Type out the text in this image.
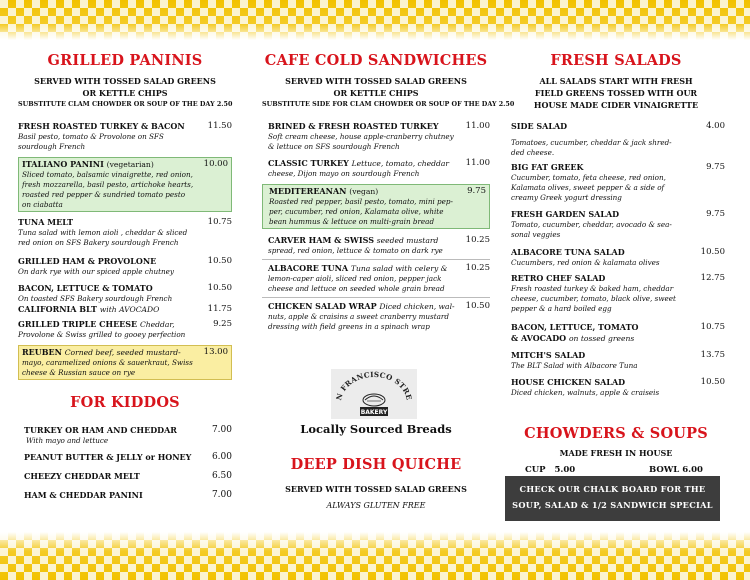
GRILLED PANINIS
SERVED WITH TOSSED SALAD GREENS
OR KETTLE CHIPS
SUBSTITUTE CLAM CHOWDER OR SOUP OF THE DAY 2.50
FRESH ROASTED TURKEY & BACON	11.50
Basil pesto, tomato & Provolone on SFS
sourdough French
ITALIANO PANINI (vegetarian)	10.00
Sliced tomato, balsamic vinaigrette, red onion,
fresh mozzarella, basil pesto, artichoke hearts,
roasted red pepper & sundried tomato pesto
on ciabatta
TUNA MELT	10.75
Tuna salad with lemon aioli , cheddar & sliced
red onion on SFS Bakery sourdough French
GRILLED HAM & PROVOLONE	10.50
On dark rye with our spiced apple chutney
BACON, LETTUCE & TOMATO	10.50
On toasted SFS Bakery sourdough French
CALIFORNIA BLT with AVOCADO	11.75
GRILLED TRIPLE CHEESE Cheddar,	9.25
Provolone & Swiss grilled to gooey perfection
REUBEN Corned beef, seeded mustard-	13.00
mayo, caramelized onions & sauerkraut, Swiss
cheese & Russian sauce on rye
FOR KIDDOS
TURKEY OR HAM AND CHEDDAR	7.00
With mayo and lettuce
PEANUT BUTTER & JELLY or HONEY 6.00
CHEEZY CHEDDAR MELT	6.50
HAM & CHEDDAR PANINI	7.00
CAFE COLD SANDWICHES
SERVED WITH TOSSED SALAD GREENS
OR KETTLE CHIPS
SUBSTITUTE SIDE FOR CLAM CHOWDER OR SOUP OF THE DAY 2.50
BRINED & FRESH ROASTED TURKEY	11.00
Soft cream cheese, house apple-cranberry chutney
& lettuce on SFS sourdough French
CLASSIC TURKEY Lettuce, tomato, cheddar	11.00
cheese, Dijon mayo on sourdough French
MEDITEREANAN (vegan)	9.75
Roasted red pepper, basil pesto, tomato, mini pep-
per, cucumber, red onion, Kalamata olive, white
bean hummus & lettuce on multi-grain bread
CARVER HAM & SWISS seeded mustard	10.25
spread, red onion, lettuce & tomato on dark rye
ALBACORE TUNA Tuna salad with celery &	10.25
lemon-caper aioli, sliced red onion, pepper jack
cheese and lettuce on seeded whole grain bread
CHICKEN SALAD WRAP Diced chicken, wal-	10.50
nuts, apple & craisins a sweet cranberry mustard
dressing with field greens in a spinach wrap
N FRANCISCO STRE
BAKERY
Locally Sourced Breads
DEEP DISH QUICHE
SERVED WITH TOSSED SALAD GREENS
ALWAYS GLUTEN FREE
FRESH SALADS
ALL SALADS START WITH FRESH
FIELD GREENS TOSSED WITH OUR
HOUSE MADE CIDER VINAIGRETTE
SIDE SALAD	4.00
Tomatoes, cucumber, cheddar & jack shred-
ded cheese.
BIG FAT GREEK	9.75
Cucumber, tomato, feta cheese, red onion,
Kalamata olives, sweet pepper & a side of
creamy Greek yogurt dressing
FRESH GARDEN SALAD	9.75
Tomato, cucumber, cheddar, avocado & sea-
sonal veggies
ALBACORE TUNA SALAD	10.50
Cucumbers, red onion & kalamata olives
RETRO CHEF SALAD	12.75
Fresh roasted turkey & baked ham, cheddar
cheese, cucumber, tomato, black olive, sweet
pepper & a hard boiled egg
BACON, LETTUCE, TOMATO	10.75
& AVOCADO on tossed greens
MITCH'S SALAD	13.75
The BLT Salad with Albacore Tuna
HOUSE CHICKEN SALAD	10.50
Diced chicken, walnuts, apple & craiseis
CHOWDERS & SOUPS
MADE FRESH IN HOUSE
CUP 5.00	BOWL 6.00
CHECK OUR CHALK BOARD FOR THE
SOUP, SALAD & 1/2 SANDWICH SPECIAL
